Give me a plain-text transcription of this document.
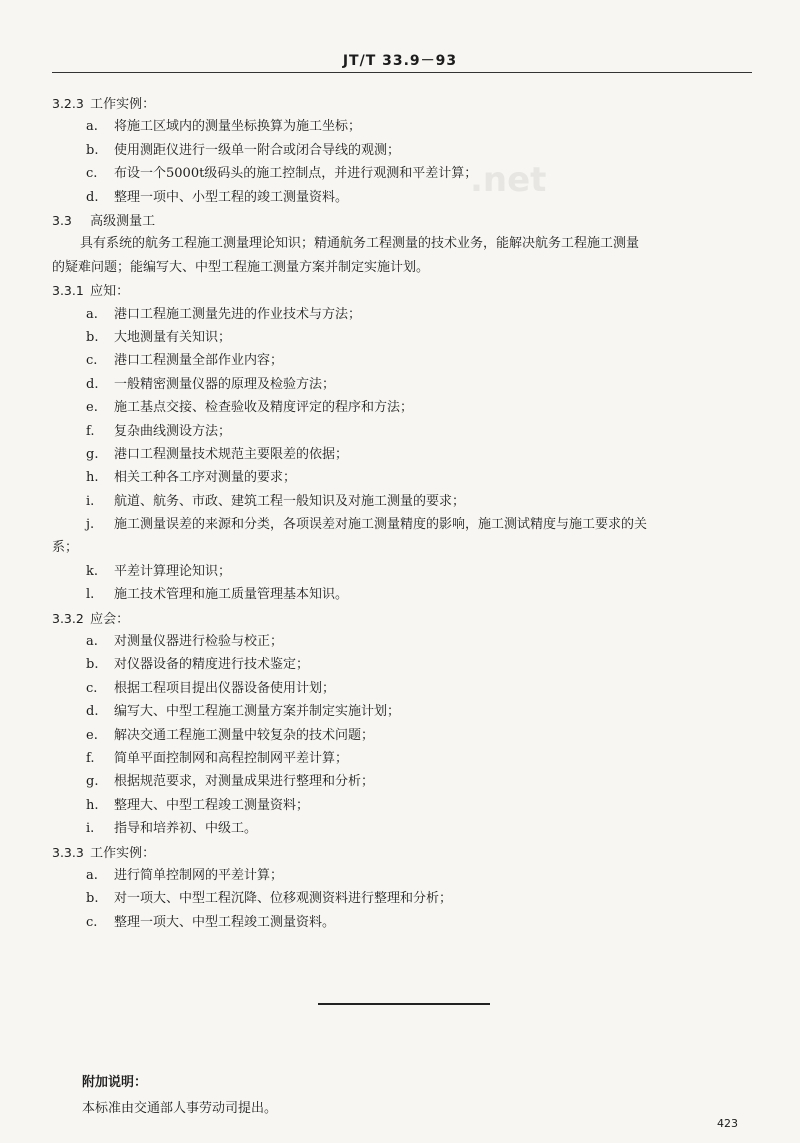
JT/T 33.9－93
.net
3.2.3 工作实例：
a. 将施工区域内的测量坐标换算为施工坐标；
b. 使用测距仪进行一级单一附合或闭合导线的观测；
c. 布设一个5000t级码头的施工控制点，并进行观测和平差计算；
d. 整理一项中、小型工程的竣工测量资料。
3.3 高级测量工
具有系统的航务工程施工测量理论知识；精通航务工程测量的技术业务，能解决航务工程施工测量
的疑难问题；能编写大、中型工程施工测量方案并制定实施计划。
3.3.1 应知：
a. 港口工程施工测量先进的作业技术与方法；
b. 大地测量有关知识；
c. 港口工程测量全部作业内容；
d. 一般精密测量仪器的原理及检验方法；
e. 施工基点交接、检查验收及精度评定的程序和方法；
f. 复杂曲线测设方法；
g. 港口工程测量技术规范主要限差的依据；
h. 相关工种各工序对测量的要求；
i. 航道、航务、市政、建筑工程一般知识及对施工测量的要求；
j. 施工测量误差的来源和分类，各项误差对施工测量精度的影响，施工测试精度与施工要求的关
系；
k. 平差计算理论知识；
l. 施工技术管理和施工质量管理基本知识。
3.3.2 应会：
a. 对测量仪器进行检验与校正；
b. 对仪器设备的精度进行技术鉴定；
c. 根据工程项目提出仪器设备使用计划；
d. 编写大、中型工程施工测量方案并制定实施计划；
e. 解决交通工程施工测量中较复杂的技术问题；
f. 简单平面控制网和高程控制网平差计算；
g. 根据规范要求，对测量成果进行整理和分析；
h. 整理大、中型工程竣工测量资料；
i. 指导和培养初、中级工。
3.3.3 工作实例：
a. 进行简单控制网的平差计算；
b. 对一项大、中型工程沉降、位移观测资料进行整理和分析；
c. 整理一项大、中型工程竣工测量资料。
附加说明：
本标准由交通部人事劳动司提出。
423
